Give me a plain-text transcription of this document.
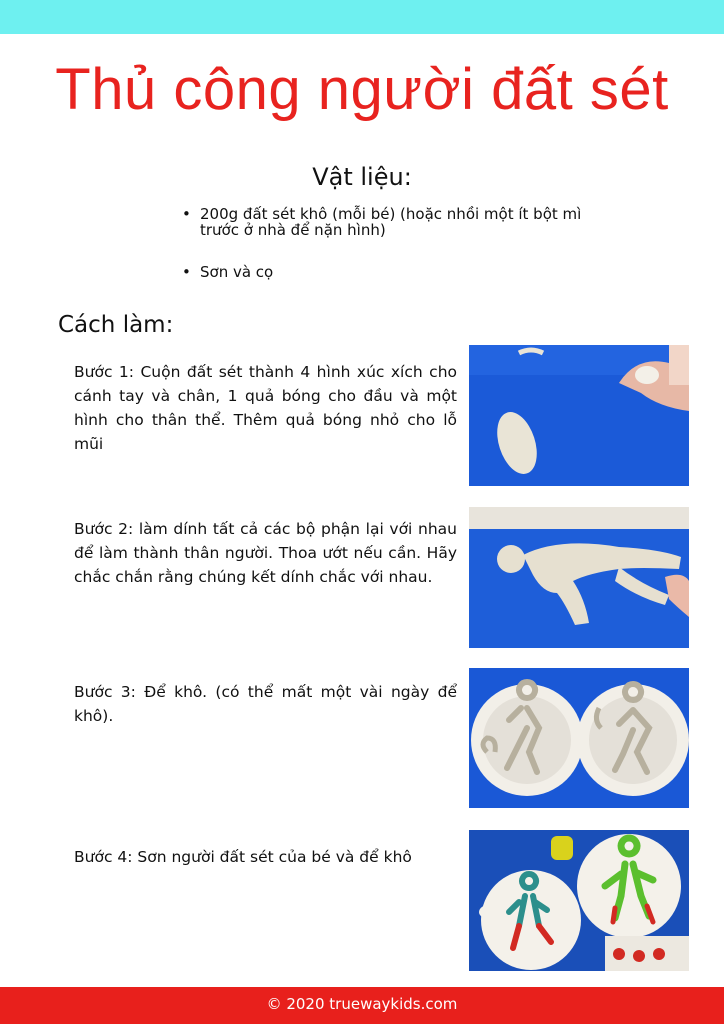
Thủ công người đất sét
Vật liệu:
• 200g đất sét khô (mỗi bé) (hoặc nhồi một ít bột mì trước ở nhà để nặn hình)
• Sơn và cọ
Cách làm:

Bước 1: Cuộn đất sét thành 4 hình xúc xích cho cánh tay và chân, 1 quả bóng cho đầu và một hình cho thân thể. Thêm quả bóng nhỏ cho lỗ mũi

Bước 2: làm dính tất cả các bộ phận lại với nhau để làm thành thân người. Thoa ướt nếu cần. Hãy chắc chắn rằng chúng kết dính chắc với nhau.

Bước 3: Để khô. (có thể mất một vài ngày để khô).

Bước 4: Sơn người đất sét của bé và để khô

© 2020 truewaykids.com
